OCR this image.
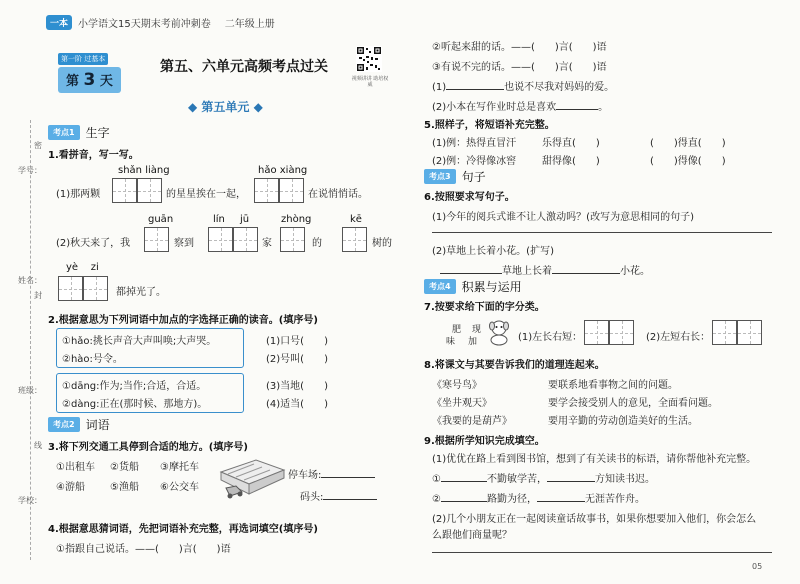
一本	小学语文15天期末考前冲刺卷 二年级上册
第一阶 过基本
第 3 天
第五、六单元高频考点过关
视频讲讲 助培权威
学号：
姓名：
班级：
学校：
密
封
线
◆ 第五单元 ◆
考点1 生字
1.看拼音，写一写。
shǎn liàng	hǎo xiàng
(1)那两颗	的星星挨在一起，	在说悄悄话。
guān	lín jū	zhòng	kē
(2)秋天来了，我	察到	家	的	树的
yè zi
都掉光了。
2.根据意思为下列词语中加点的字选择正确的读音。(填序号)
①hǎo:挑长声音大声叫唤;大声哭。
②hào:号令。
(1)口号(　　)
(2)号叫(　　)
①dāng:作为;当作;合适，合适。
②dàng:正在(那时候、那地方)。
(3)当地(　　)
(4)适当(　　)
考点2 词语
3.将下列交通工具停到合适的地方。(填序号)
①出租车 ②货船 ③摩托车
④游船	⑤渔船 ⑥公交车
停车场:
码头:
4.根据意思猜词语，先把词语补充完整，再选词填空(填序号)
①指跟自己说话。——(　　)言(　　)语
②听起来甜的话。——(　　)言(　　)语
③有说不完的话。——(　　)言(　　)语
(1)	也说不尽我对妈妈的爱。
(2)小本在写作业时总是喜欢	。
5.照样子，将短语补充完整。
(1)例：热得直冒汗	乐得直(　　)	(　　)得直(　　)
(2)例：冷得像冰窖	甜得像(　　)	(　　)得像(　　)
考点3 句子
6.按照要求写句子。
(1)今年的阅兵式谁不让人激动吗？(改写为意思相同的句子)
(2)草地上长着小花。(扩写)
草地上长着	小花。
考点4 积累与运用
7.按要求给下面的字分类。
肥 现
味 加	(1)左长右短：	(2)左短右长：
8.将课文与其要告诉我们的道理连起来。
《寒号鸟》	要联系地看事物之间的问题。
《坐井观天》	要学会接受别人的意见，全面看问题。
《我要的是葫芦》	要用辛勤的劳动创造美好的生活。
9.根据所学知识完成填空。
(1)优优在路上看到图书馆，想到了有关读书的标语，请你帮他补充完整。
①	不勤敏学苦，	方知读书迟。
②	路勤为径，	无涯苦作舟。
(2)几个小朋友正在一起阅读童话故事书，如果你想要加入他们，你会怎么
么跟他们商量呢？
05
